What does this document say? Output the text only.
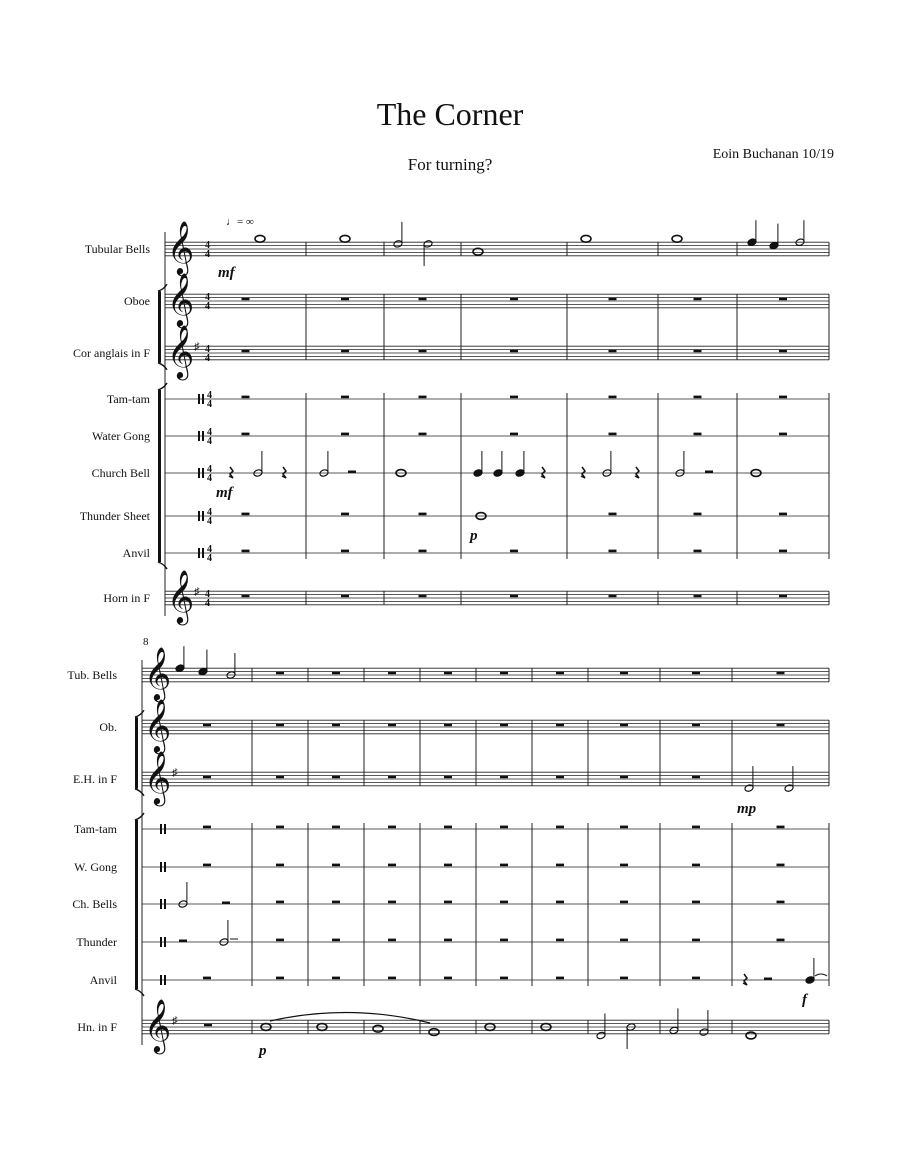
The Corner
For turning?
Eoin Buchanan 10/19
Tubular Bells 𝄞 4
4
Oboe 𝄞 4
4
Cor anglais in F 𝄞 ♯ 4
4
Tam-tam	4
4
Water Gong	4
4
Church Bell	4
4
Thunder Sheet	4
4
Anvil	4
4
Horn in F 𝄞 ♯ 4
4
♩= ∞
mf
p
mf
8
Tub. Bells 𝄞
Ob. 𝄞
E.H. in F 𝄞 ♯
Tam-tam
W. Gong
Ch. Bells
Thunder
Anvil
Hn. in F 𝄞 ♯
mp
f
p
